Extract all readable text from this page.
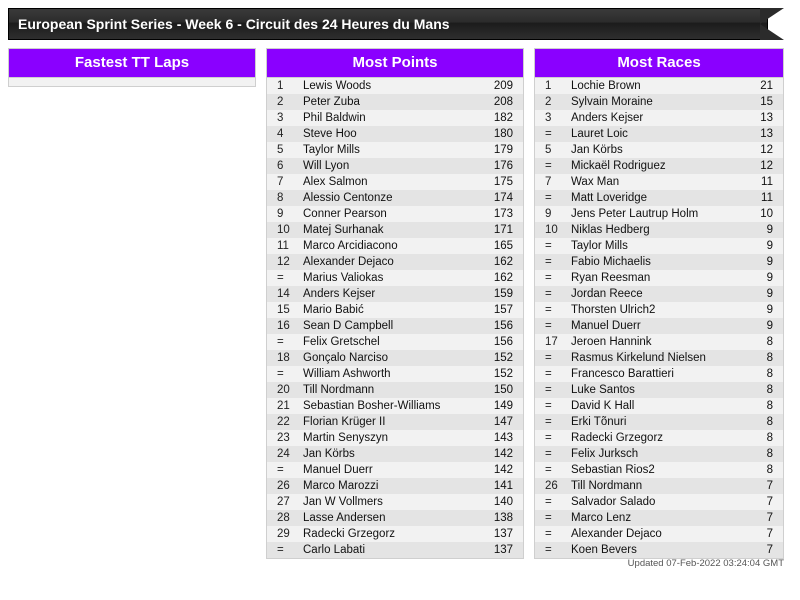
European Sprint Series - Week 6 - Circuit des 24 Heures du Mans
Fastest TT Laps	Most Points
1	Lewis Woods	209
2	Peter Zuba	208
3	Phil Baldwin	182
4	Steve Hoo	180
5	Taylor Mills	179
6	Will Lyon	176
7	Alex Salmon	175
8	Alessio Centonze	174
9	Conner Pearson	173
10	Matej Surhanak	171
11	Marco Arcidiacono	165
12	Alexander Dejaco	162
=	Marius Valiokas	162
14	Anders Kejser	159
15	Mario Babić	157
16	Sean D Campbell	156
=	Felix Gretschel	156
18	Gonçalo Narciso	152
=	William Ashworth	152
20	Till Nordmann	150
21	Sebastian Bosher-Williams	149
22	Florian Krüger II	147
23	Martin Senyszyn	143
24	Jan Körbs	142
=	Manuel Duerr	142
26	Marco Marozzi	141
27	Jan W Vollmers	140
28	Lasse Andersen	138
29	Radecki Grzegorz	137
=	Carlo Labati	137
Most Races
1	Lochie Brown	21
2	Sylvain Moraine	15
3	Anders Kejser	13
=	Lauret Loic	13
5	Jan Körbs	12
=	Mickaël Rodriguez	12
7	Wax Man	11
=	Matt Loveridge	11
9	Jens Peter Lautrup Holm	10
10	Niklas Hedberg	9
=	Taylor Mills	9
=	Fabio Michaelis	9
=	Ryan Reesman	9
=	Jordan Reece	9
=	Thorsten Ulrich2	9
=	Manuel Duerr	9
17	Jeroen Hannink	8
=	Rasmus Kirkelund Nielsen	8
=	Francesco Barattieri	8
=	Luke Santos	8
=	David K Hall	8
=	Erki Tõnuri	8
=	Radecki Grzegorz	8
=	Felix Jurksch	8
=	Sebastian Rios2	8
26	Till Nordmann	7
=	Salvador Salado	7
=	Marco Lenz	7
=	Alexander Dejaco	7
=	Koen Bevers	7
Updated 07-Feb-2022 03:24:04 GMT
